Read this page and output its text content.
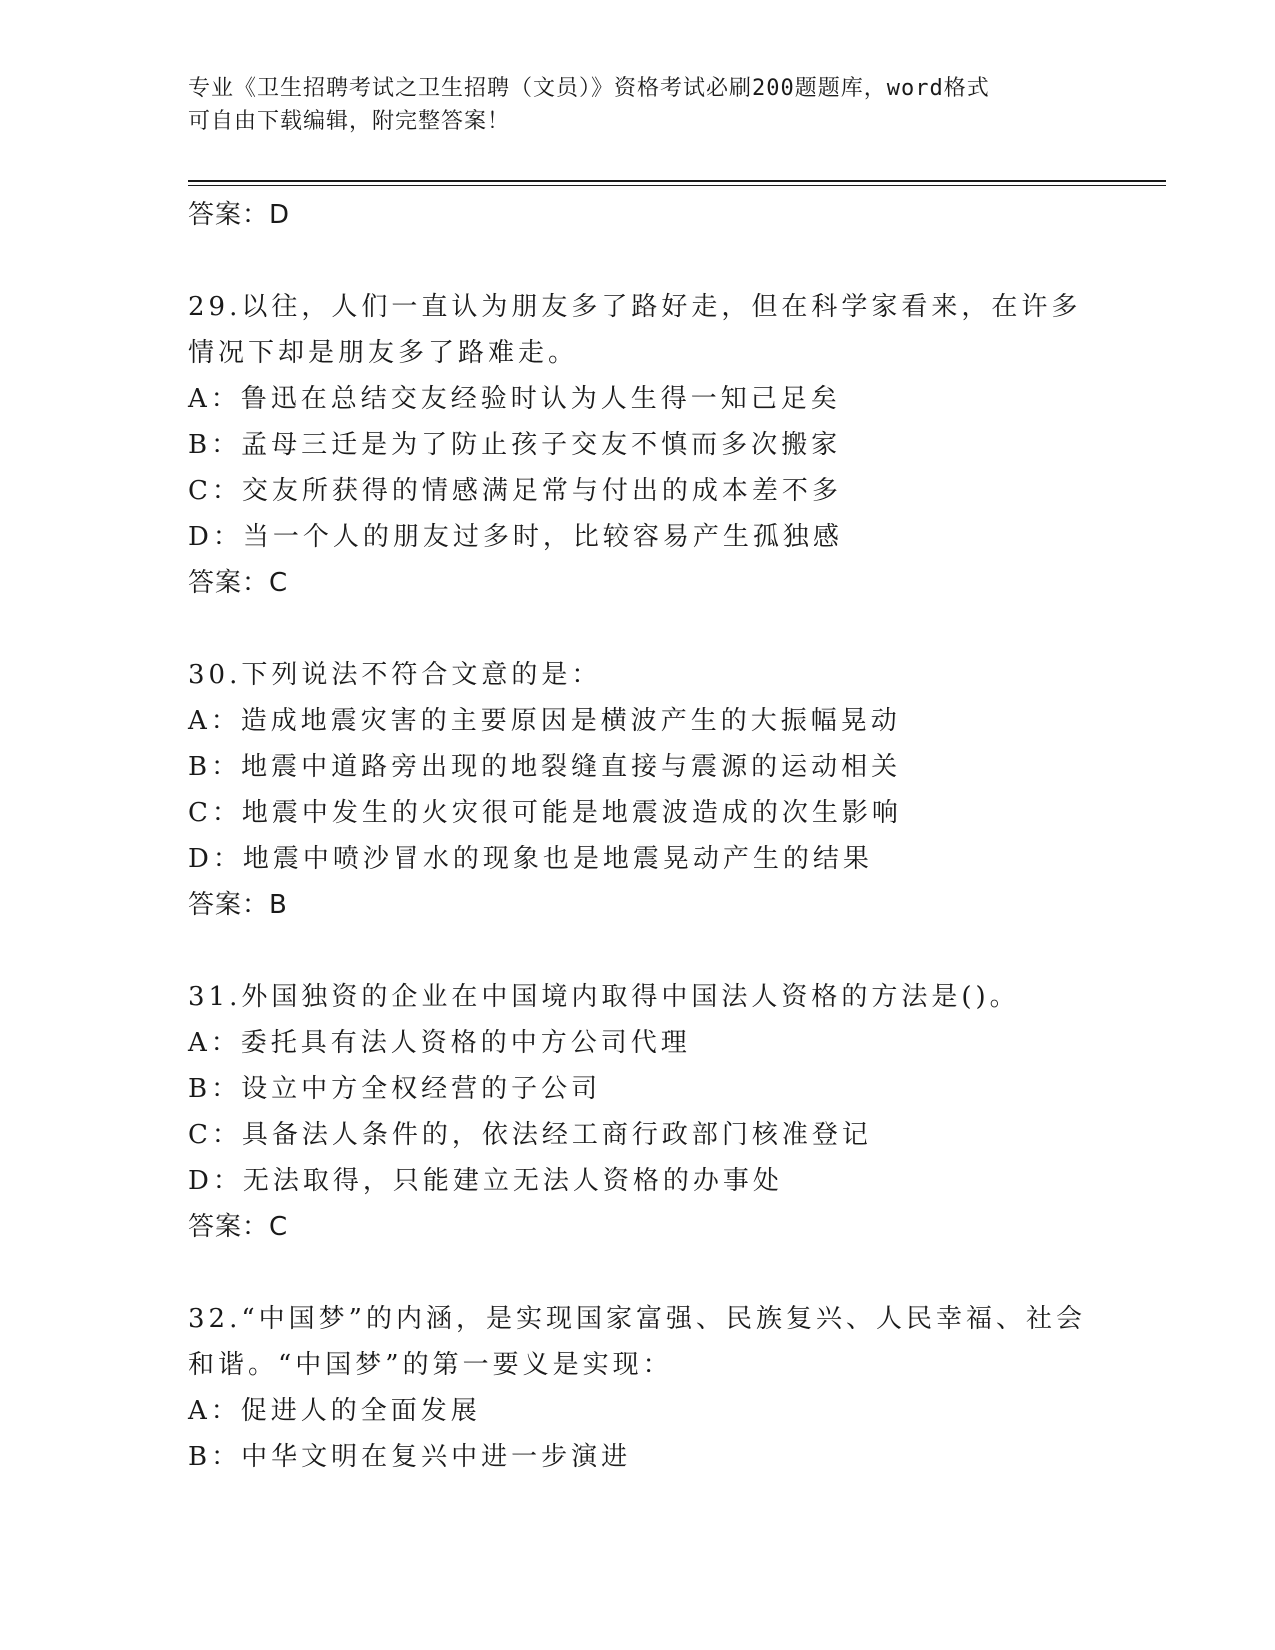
专业《卫生招聘考试之卫生招聘（文员）》资格考试必刷200题题库，word格式
可自由下载编辑，附完整答案！

答案：D

29.以往，人们一直认为朋友多了路好走，但在科学家看来，在许多情况下却是朋友多了路难走。

A：鲁迅在总结交友经验时认为人生得一知己足矣

B：孟母三迁是为了防止孩子交友不慎而多次搬家

C：交友所获得的情感满足常与付出的成本差不多

D：当一个人的朋友过多时，比较容易产生孤独感

答案：C

30.下列说法不符合文意的是：

A：造成地震灾害的主要原因是横波产生的大振幅晃动

B：地震中道路旁出现的地裂缝直接与震源的运动相关

C：地震中发生的火灾很可能是地震波造成的次生影响

D：地震中喷沙冒水的现象也是地震晃动产生的结果

答案：B

31.外国独资的企业在中国境内取得中国法人资格的方法是()。

A：委托具有法人资格的中方公司代理

B：设立中方全权经营的子公司

C：具备法人条件的，依法经工商行政部门核准登记

D：无法取得，只能建立无法人资格的办事处

答案：C

32.“中国梦”的内涵，是实现国家富强、民族复兴、人民幸福、社会和谐。“中国梦”的第一要义是实现：

A：促进人的全面发展

B：中华文明在复兴中进一步演进
